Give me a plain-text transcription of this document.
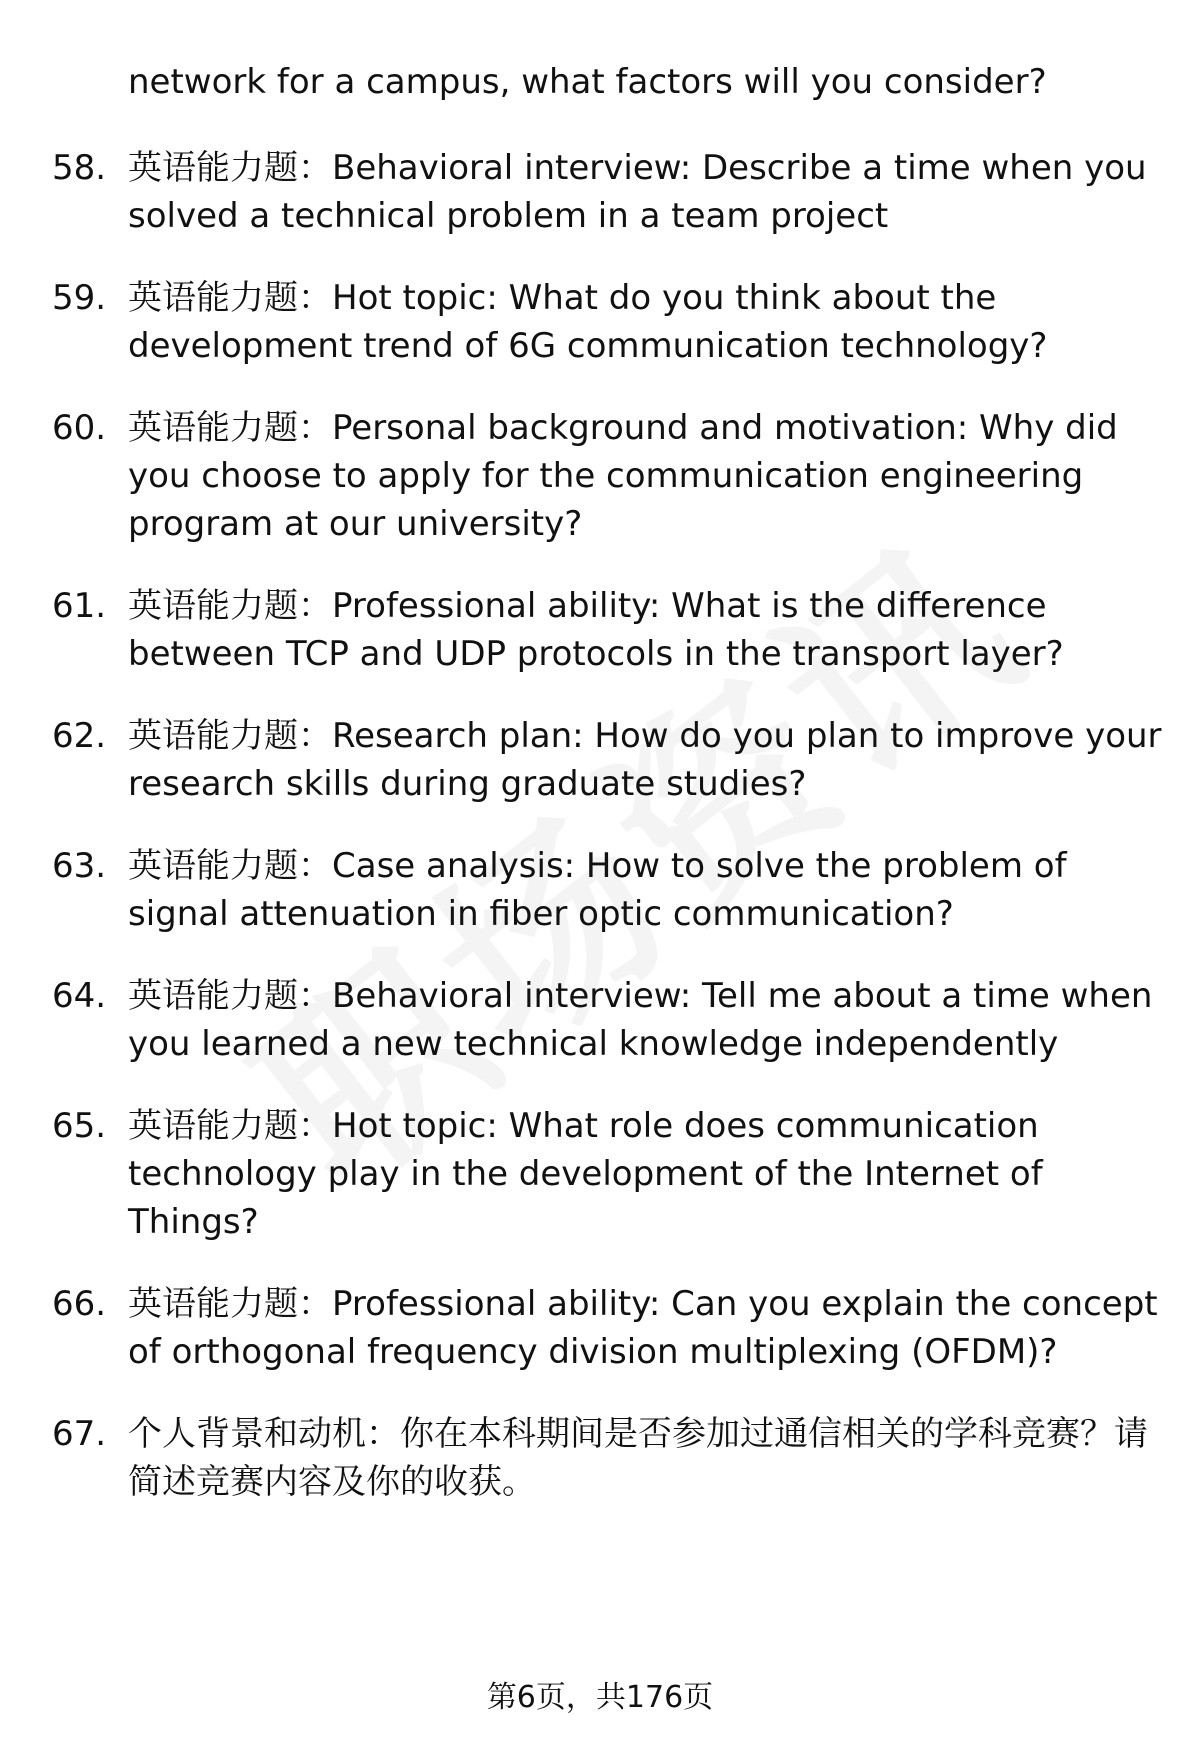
network for a campus, what factors will you consider?

58. 英语能力题：Behavioral interview: Describe a time when you solved a technical problem in a team project
59. 英语能力题：Hot topic: What do you think about the development trend of 6G communication technology?
60. 英语能力题：Personal background and motivation: Why did you choose to apply for the communication engineering program at our university?
61. 英语能力题：Professional ability: What is the difference between TCP and UDP protocols in the transport layer?
62. 英语能力题：Research plan: How do you plan to improve your research skills during graduate studies?
63. 英语能力题：Case analysis: How to solve the problem of signal attenuation in fiber optic communication?
64. 英语能力题：Behavioral interview: Tell me about a time when you learned a new technical knowledge independently
65. 英语能力题：Hot topic: What role does communication technology play in the development of the Internet of Things?
66. 英语能力题：Professional ability: Can you explain the concept of orthogonal frequency division multiplexing (OFDM)?
67. 个人背景和动机：你在本科期间是否参加过通信相关的学科竞赛？请简述竞赛内容及你的收获。
第6页，共176页
